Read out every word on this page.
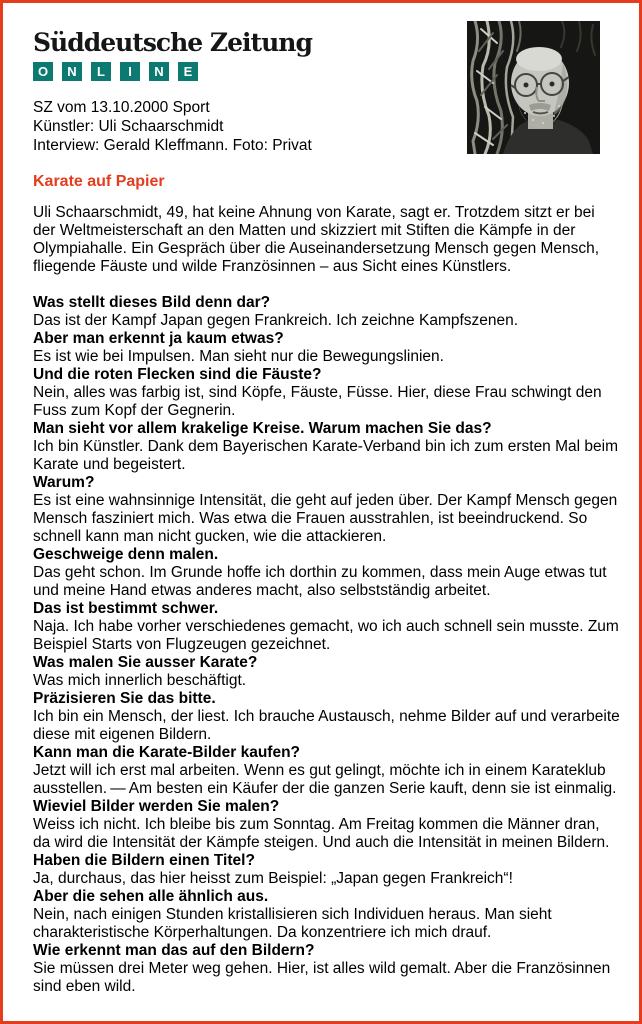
Süddeutsche Zeitung
O	N	L	I	N	E
SZ vom 13.10.2000 Sport
Künstler: Uli Schaarschmidt
Interview: Gerald Kleffmann. Foto: Privat
Karate auf Papier
Uli Schaarschmidt, 49, hat keine Ahnung von Karate, sagt er. Trotzdem sitzt er bei der Weltmeisterschaft an den Matten und skizziert mit Stiften die Kämpfe in der Olympiahalle. Ein Gespräch über die Auseinandersetzung Mensch gegen Mensch, fliegende Fäuste und wilde Französinnen – aus Sicht eines Künstlers.
Was stellt dieses Bild denn dar?
Das ist der Kampf Japan gegen Frankreich. Ich zeichne Kampfszenen.
Aber man erkennt ja kaum etwas?
Es ist wie bei Impulsen. Man sieht nur die Bewegungslinien.
Und die roten Flecken sind die Fäuste?
Nein, alles was farbig ist, sind Köpfe, Fäuste, Füsse. Hier, diese Frau schwingt den Fuss zum Kopf der Gegnerin.
Man sieht vor allem krakelige Kreise. Warum machen Sie das?
Ich bin Künstler. Dank dem Bayerischen Karate-Verband bin ich zum ersten Mal beim Karate und begeistert.
Warum?
Es ist eine wahnsinnige Intensität, die geht auf jeden über. Der Kampf Mensch gegen Mensch fasziniert mich. Was etwa die Frauen ausstrahlen, ist beeindruckend. So schnell kann man nicht gucken, wie die attackieren.
Geschweige denn malen.
Das geht schon. Im Grunde hoffe ich dorthin zu kommen, dass mein Auge etwas tut und meine Hand etwas anderes macht, also selbstständig arbeitet.
Das ist bestimmt schwer.
Naja. Ich habe vorher verschiedenes gemacht, wo ich auch schnell sein musste. Zum Beispiel Starts von Flugzeugen gezeichnet.
Was malen Sie ausser Karate?
Was mich innerlich beschäftigt.
Präzisieren Sie das bitte.
Ich bin ein Mensch, der liest. Ich brauche Austausch, nehme Bilder auf und verarbeite diese mit eigenen Bildern.
Kann man die Karate-Bilder kaufen?
Jetzt will ich erst mal arbeiten. Wenn es gut gelingt, möchte ich in einem Karateklub ausstellen. — Am besten ein Käufer der die ganzen Serie kauft, denn sie ist einmalig.
Wieviel Bilder werden Sie malen?
Weiss ich nicht. Ich bleibe bis zum Sonntag. Am Freitag kommen die Männer dran, da wird die Intensität der Kämpfe steigen. Und auch die Intensität in meinen Bildern.
Haben die Bildern einen Titel?
Ja, durchaus, das hier heisst zum Beispiel: „Japan gegen Frankreich“!
Aber die sehen alle ähnlich aus.
Nein, nach einigen Stunden kristallisieren sich Individuen heraus. Man sieht charakteristische Körperhaltungen. Da konzentriere ich mich drauf.
Wie erkennt man das auf den Bildern?
Sie müssen drei Meter weg gehen. Hier, ist alles wild gemalt. Aber die Französinnen sind eben wild.
